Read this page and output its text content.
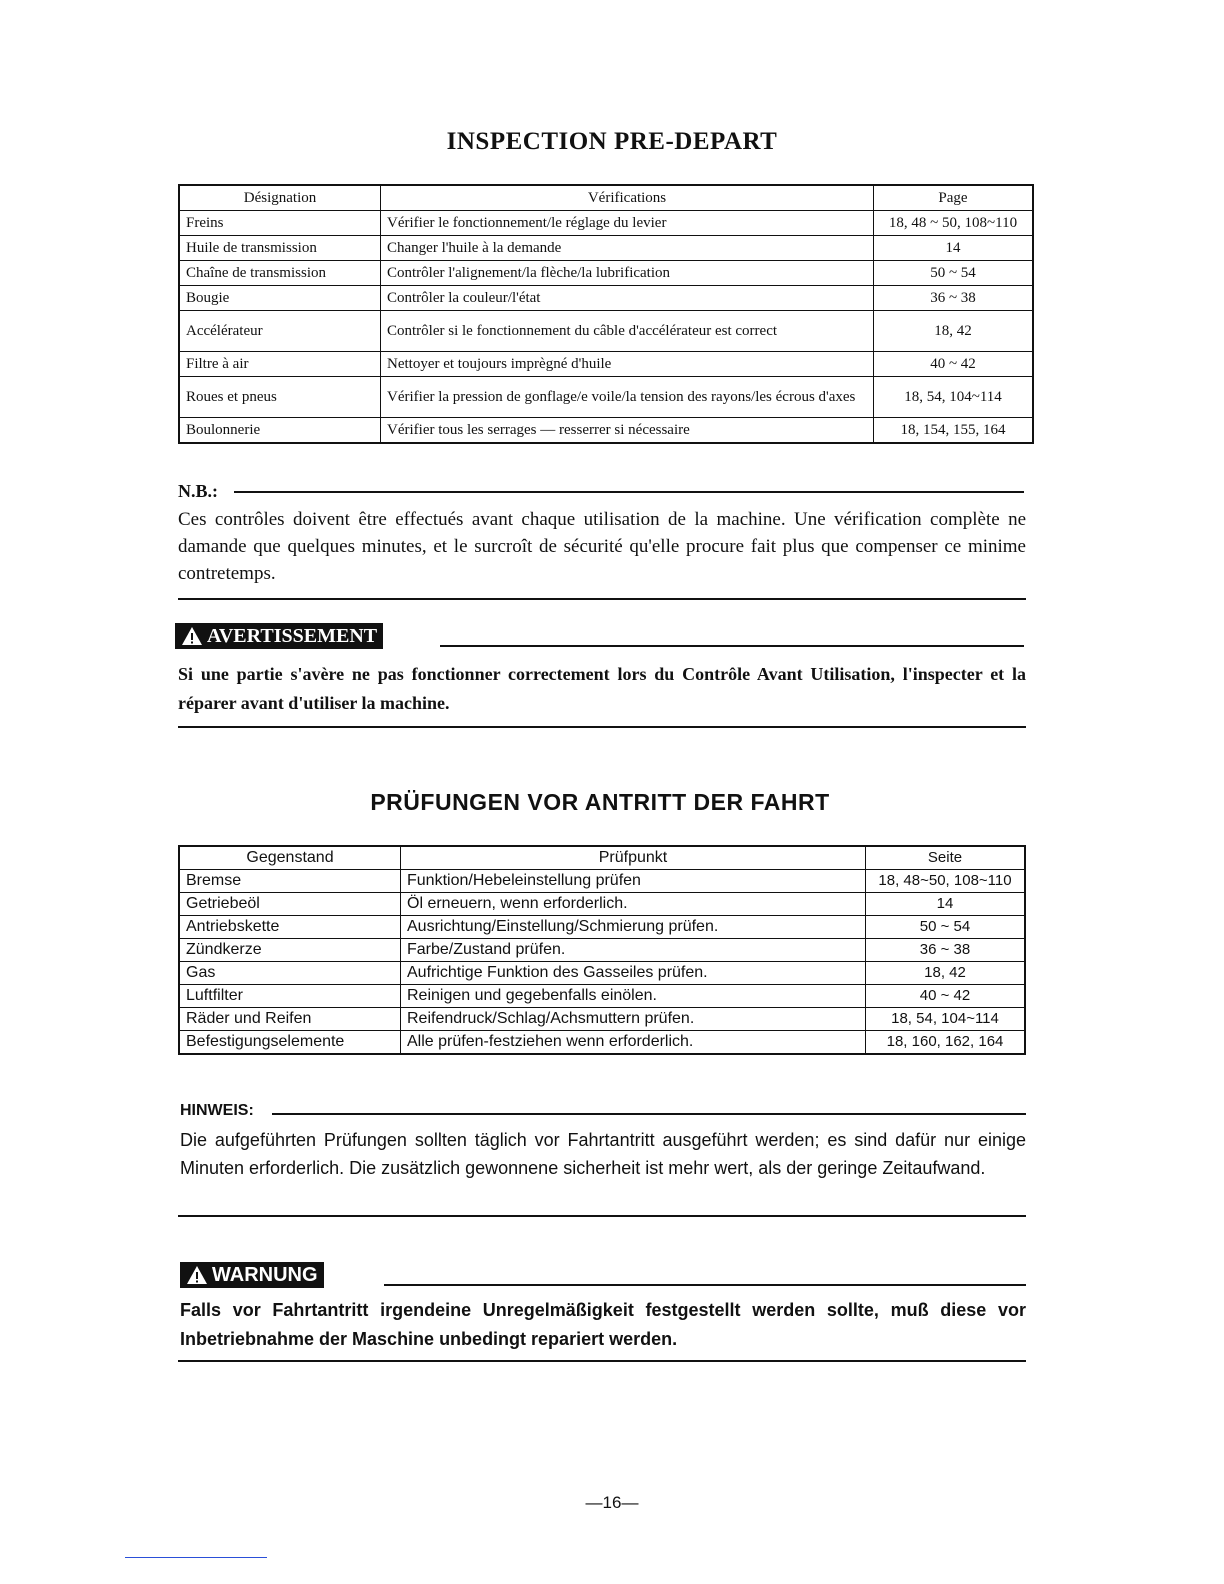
INSPECTION PRE-DEPART
Désignation	Vérifications	Page
Freins	Vérifier le fonctionnement/le réglage du levier	18, 48 ~ 50, 108~110
Huile de transmission	Changer l'huile à la demande	14
Chaîne de transmission	Contrôler l'alignement/la flèche/la lubrification	50 ~ 54
Bougie	Contrôler la couleur/l'état	36 ~ 38
Accélérateur	Contrôler si le fonctionnement du câble d'accélérateur est correct	18, 42
Filtre à air	Nettoyer et toujours imprègné d'huile	40 ~ 42
Roues et pneus	Vérifier la pression de gonflage/e voile/la tension des rayons/les écrous d'axes	18, 54, 104~114
Boulonnerie	Vérifier tous les serrages — resserrer si nécessaire	18, 154, 155, 164
N.B.:

Ces contrôles doivent être effectués avant chaque utilisation de la machine. Une vérification complète ne damande que quelques minutes, et le surcroît de sécurité qu'elle procure fait plus que compenser ce minime contretemps.

AVERTISSEMENT

Si une partie s'avère ne pas fonctionner correctement lors du Contrôle Avant Utilisation, l'inspecter et la réparer avant d'utiliser la machine.

PRÜFUNGEN VOR ANTRITT DER FAHRT
Gegenstand	Prüfpunkt	Seite
Bremse	Funktion/Hebeleinstellung prüfen	18, 48~50, 108~110
Getriebeöl	Öl erneuern, wenn erforderlich.	14
Antriebskette	Ausrichtung/Einstellung/Schmierung prüfen.	50 ~ 54
Zündkerze	Farbe/Zustand prüfen.	36 ~ 38
Gas	Aufrichtige Funktion des Gasseiles prüfen.	18, 42
Luftfilter	Reinigen und gegebenfalls einölen.	40 ~ 42
Räder und Reifen	Reifendruck/Schlag/Achsmuttern prüfen.	18, 54, 104~114
Befestigungselemente	Alle prüfen-festziehen wenn erforderlich.	18, 160, 162, 164
HINWEIS:

Die aufgeführten Prüfungen sollten täglich vor Fahrtantritt ausgeführt werden; es sind dafür nur einige Minuten erforderlich. Die zusätzlich gewonnene sicherheit ist mehr wert, als der geringe Zeitaufwand.

WARNUNG

Falls vor Fahrtantritt irgendeine Unregelmäßigkeit festgestellt werden sollte, muß diese vor Inbetriebnahme der Maschine unbedingt repariert werden.

—16—
